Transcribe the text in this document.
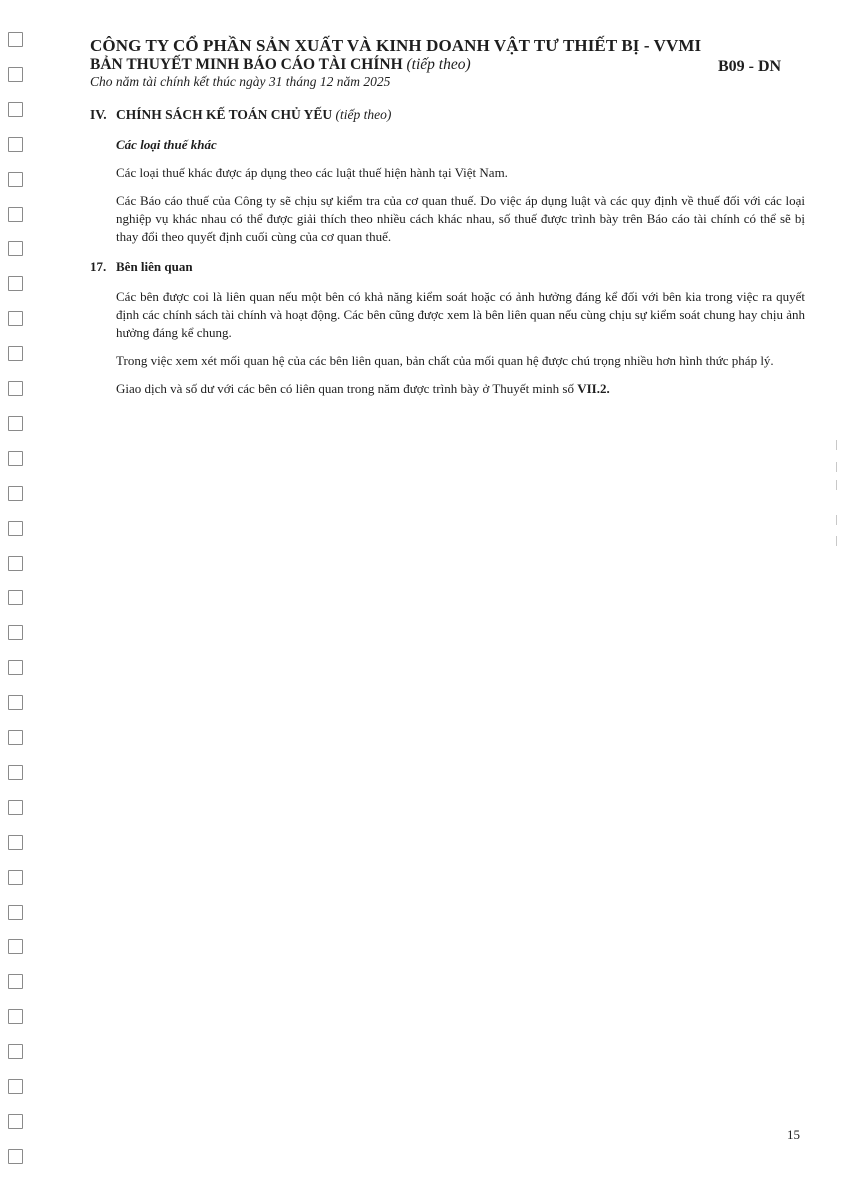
CÔNG TY CỔ PHẦN SẢN XUẤT VÀ KINH DOANH VẬT TƯ THIẾT BỊ - VVMI
BẢN THUYẾT MINH BÁO CÁO TÀI CHÍNH (tiếp theo)
Cho năm tài chính kết thúc ngày 31 tháng 12 năm 2025
B09 - DN
IV. CHÍNH SÁCH KẾ TOÁN CHỦ YẾU (tiếp theo)
Các loại thuế khác

Các loại thuế khác được áp dụng theo các luật thuế hiện hành tại Việt Nam.

Các Báo cáo thuế của Công ty sẽ chịu sự kiểm tra của cơ quan thuế. Do việc áp dụng luật và các quy định về thuế đối với các loại nghiệp vụ khác nhau có thể được giải thích theo nhiều cách khác nhau, số thuế được trình bày trên Báo cáo tài chính có thể sẽ bị thay đổi theo quyết định cuối cùng của cơ quan thuế.

17. Bên liên quan

Các bên được coi là liên quan nếu một bên có khả năng kiểm soát hoặc có ảnh hưởng đáng kể đối với bên kia trong việc ra quyết định các chính sách tài chính và hoạt động. Các bên cũng được xem là bên liên quan nếu cùng chịu sự kiểm soát chung hay chịu ảnh hưởng đáng kể chung.

Trong việc xem xét mối quan hệ của các bên liên quan, bản chất của mối quan hệ được chú trọng nhiều hơn hình thức pháp lý.

Giao dịch và số dư với các bên có liên quan trong năm được trình bày ở Thuyết minh số VII.2.

15
